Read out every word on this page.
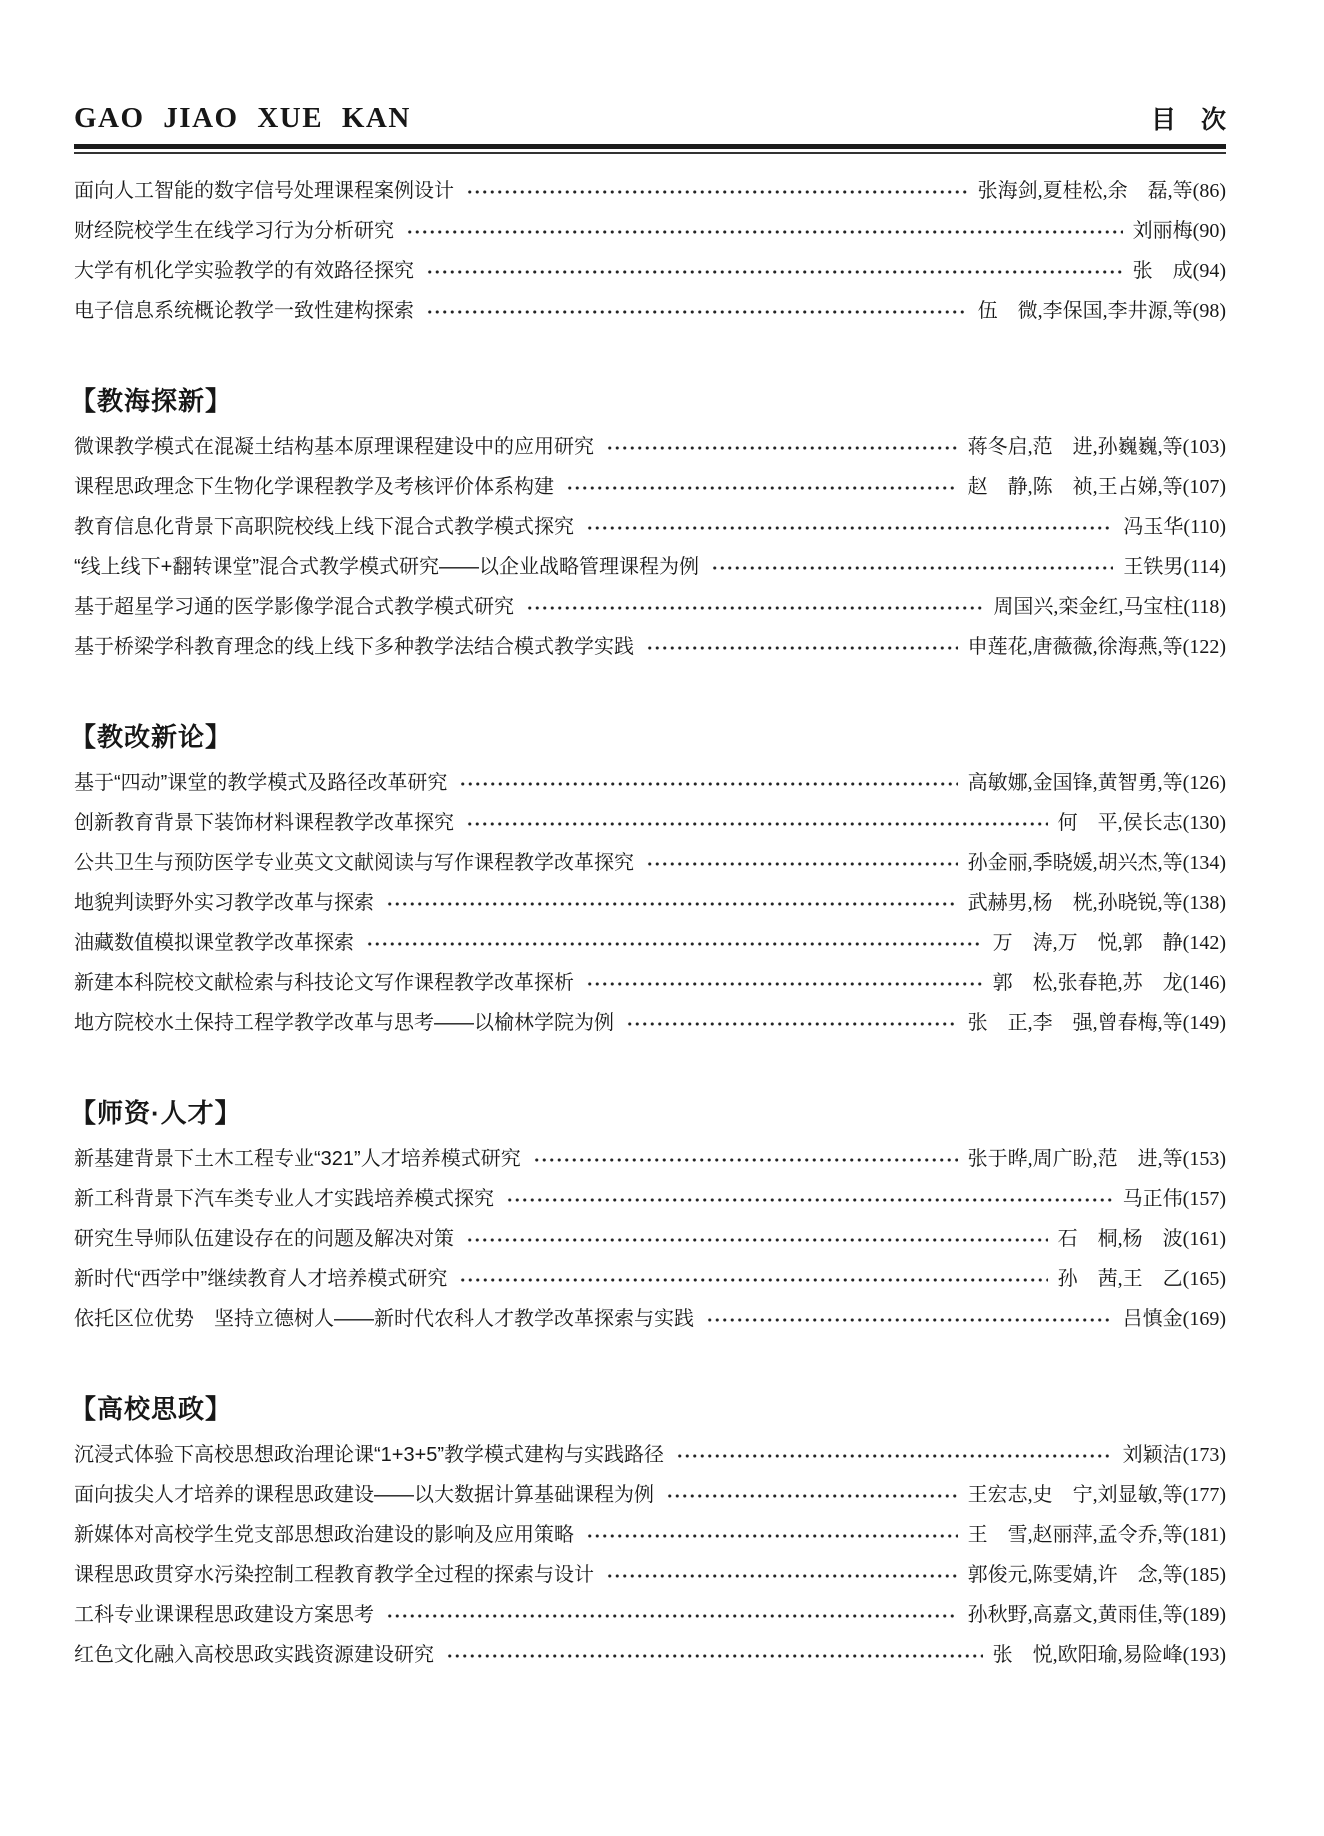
GAO JIAO XUE KAN	目　次
面向人工智能的数字信号处理课程案例设计	张海剑,夏桂松,余　磊,等(86)
财经院校学生在线学习行为分析研究	刘丽梅(90)
大学有机化学实验教学的有效路径探究	张　成(94)
电子信息系统概论教学一致性建构探索	伍　微,李保国,李井源,等(98)
【教海探新】
微课教学模式在混凝土结构基本原理课程建设中的应用研究	蒋冬启,范　进,孙巍巍,等(103)
课程思政理念下生物化学课程教学及考核评价体系构建	赵　静,陈　祯,王占娣,等(107)
教育信息化背景下高职院校线上线下混合式教学模式探究	冯玉华(110)
“线上线下+翻转课堂”混合式教学模式研究——以企业战略管理课程为例	王铁男(114)
基于超星学习通的医学影像学混合式教学模式研究	周国兴,栾金红,马宝柱(118)
基于桥梁学科教育理念的线上线下多种教学法结合模式教学实践	申莲花,唐薇薇,徐海燕,等(122)
【教改新论】
基于“四动”课堂的教学模式及路径改革研究	高敏娜,金国锋,黄智勇,等(126)
创新教育背景下装饰材料课程教学改革探究	何　平,侯长志(130)
公共卫生与预防医学专业英文文献阅读与写作课程教学改革探究	孙金丽,季晓媛,胡兴杰,等(134)
地貌判读野外实习教学改革与探索	武赫男,杨　桄,孙晓锐,等(138)
油藏数值模拟课堂教学改革探索	万　涛,万　悦,郭　静(142)
新建本科院校文献检索与科技论文写作课程教学改革探析	郭　松,张春艳,苏　龙(146)
地方院校水土保持工程学教学改革与思考——以榆林学院为例	张　正,李　强,曾春梅,等(149)
【师资·人才】
新基建背景下土木工程专业“321”人才培养模式研究	张于晔,周广盼,范　进,等(153)
新工科背景下汽车类专业人才实践培养模式探究	马正伟(157)
研究生导师队伍建设存在的问题及解决对策	石　桐,杨　波(161)
新时代“西学中”继续教育人才培养模式研究	孙　茜,王　乙(165)
依托区位优势　坚持立德树人——新时代农科人才教学改革探索与实践	吕慎金(169)
【高校思政】
沉浸式体验下高校思想政治理论课“1+3+5”教学模式建构与实践路径	刘颖洁(173)
面向拔尖人才培养的课程思政建设——以大数据计算基础课程为例	王宏志,史　宁,刘显敏,等(177)
新媒体对高校学生党支部思想政治建设的影响及应用策略	王　雪,赵丽萍,孟令乔,等(181)
课程思政贯穿水污染控制工程教育教学全过程的探索与设计	郭俊元,陈雯婧,许　念,等(185)
工科专业课课程思政建设方案思考	孙秋野,高嘉文,黄雨佳,等(189)
红色文化融入高校思政实践资源建设研究	张　悦,欧阳瑜,易险峰(193)
